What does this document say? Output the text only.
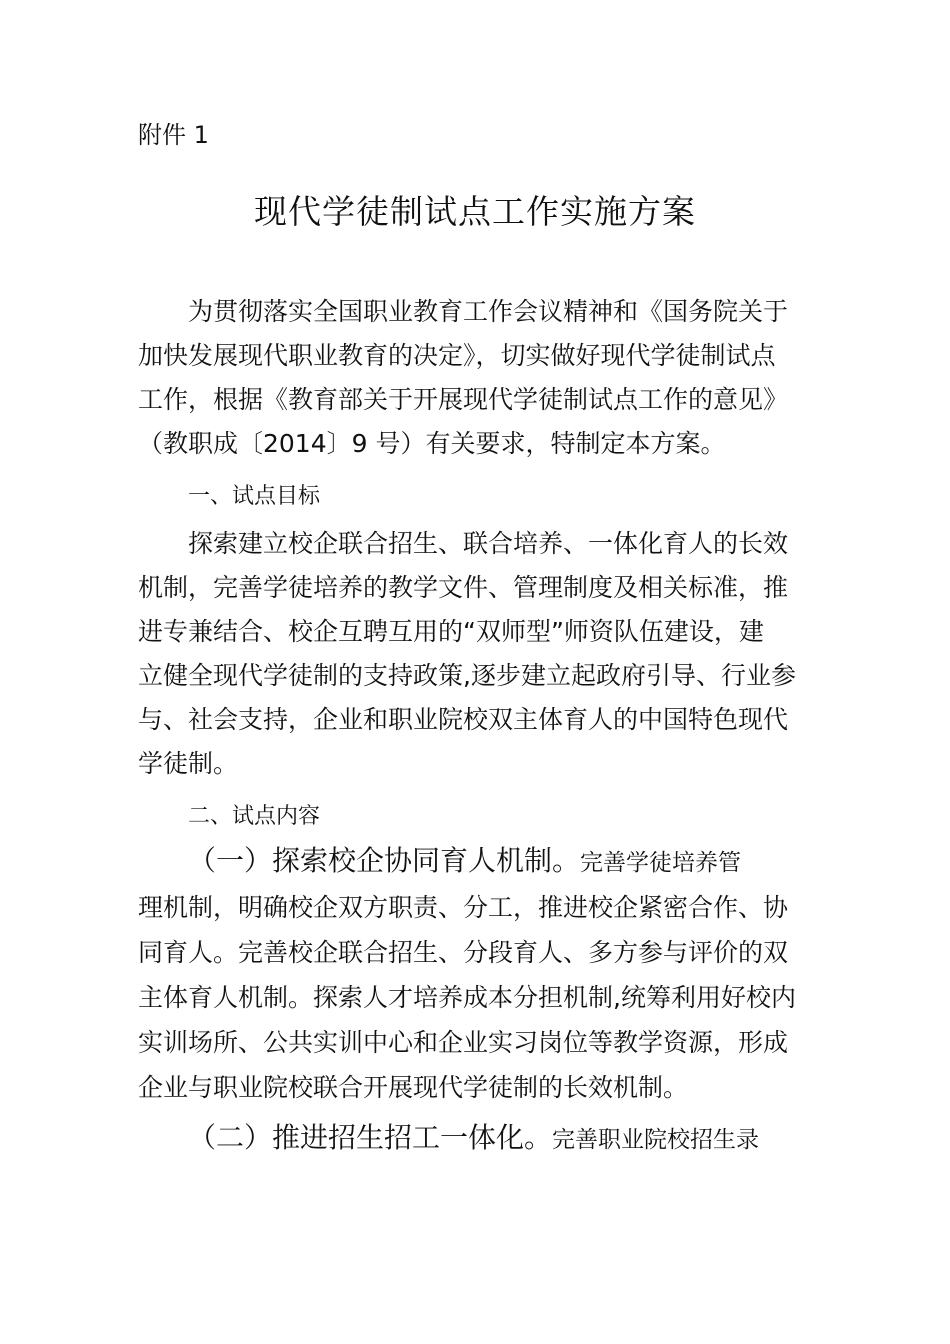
附件 1
现代学徒制试点工作实施方案
为贯彻落实全国职业教育工作会议精神和《国务院关于
加快发展现代职业教育的决定》，切实做好现代学徒制试点
工作，根据《教育部关于开展现代学徒制试点工作的意见》
（教职成〔2014〕9 号）有关要求，特制定本方案。
一、试点目标
探索建立校企联合招生、联合培养、一体化育人的长效
机制，完善学徒培养的教学文件、管理制度及相关标准，推
进专兼结合、校企互聘互用的“双师型”师资队伍建设，建
立健全现代学徒制的支持政策,逐步建立起政府引导、行业参
与、社会支持，企业和职业院校双主体育人的中国特色现代
学徒制。
二、试点内容
（一）探索校企协同育人机制。完善学徒培养管
理机制，明确校企双方职责、分工，推进校企紧密合作、协
同育人。完善校企联合招生、分段育人、多方参与评价的双
主体育人机制。探索人才培养成本分担机制,统筹利用好校内
实训场所、公共实训中心和企业实习岗位等教学资源，形成
企业与职业院校联合开展现代学徒制的长效机制。
（二）推进招生招工一体化。完善职业院校招生录
